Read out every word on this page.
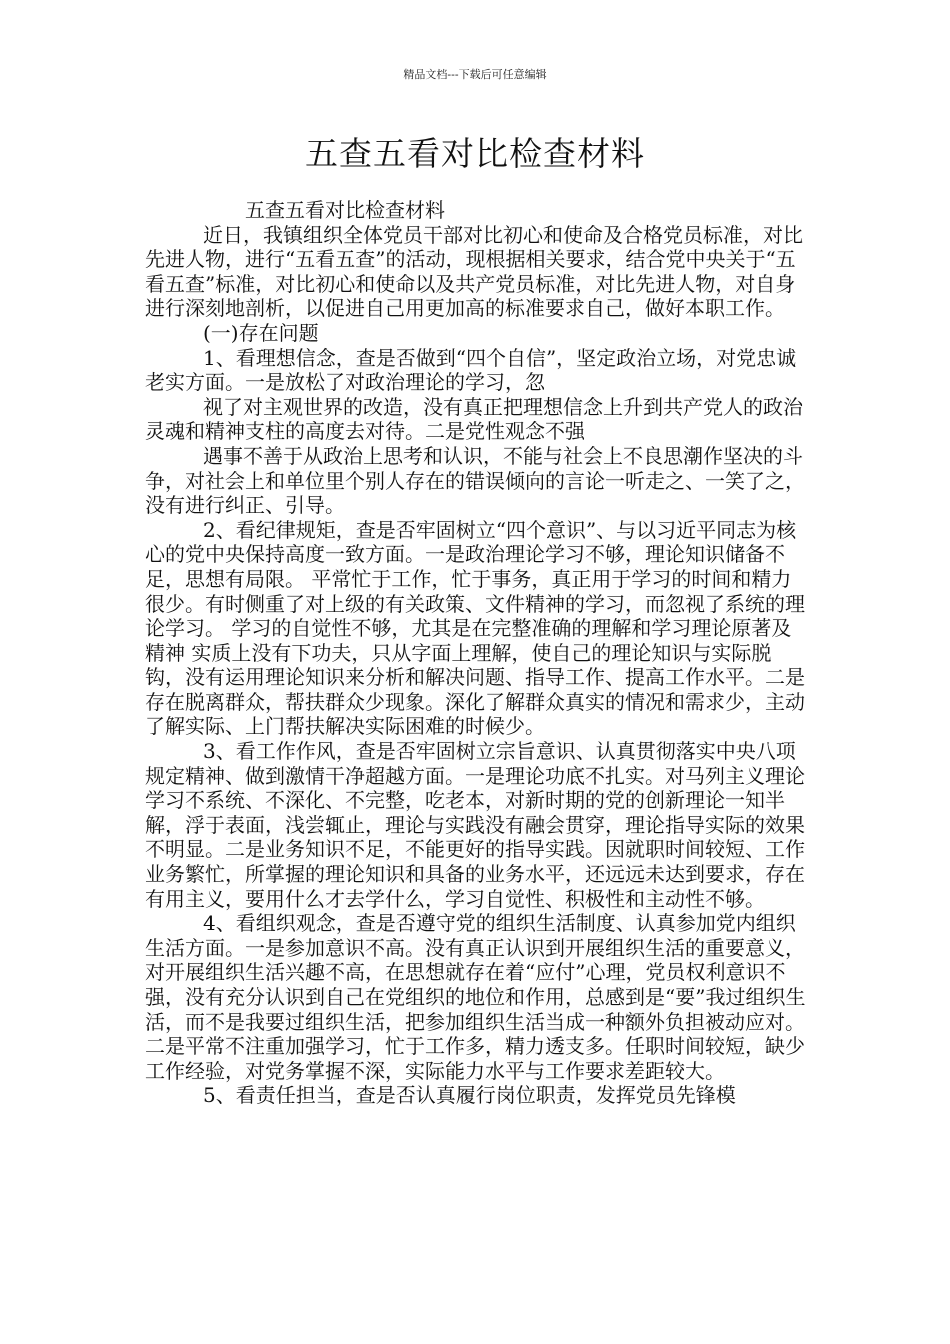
精品文档---下载后可任意编辑
五查五看对比检查材料

五查五看对比检查材料

近日，我镇组织全体党员干部对比初心和使命及合格党员标准，对比先进人物，进行“五看五查”的活动，现根据相关要求，结合党中央关于“五看五查”标准，对比初心和使命以及共产党员标准，对比先进人物，对自身进行深刻地剖析，以促进自己用更加高的标准要求自己，做好本职工作。

(一)存在问题

1、看理想信念，查是否做到“四个自信”，坚定政治立场，对党忠诚老实方面。一是放松了对政治理论的学习，忽

视了对主观世界的改造，没有真正把理想信念上升到共产党人的政治灵魂和精神支柱的高度去对待。二是党性观念不强

遇事不善于从政治上思考和认识，不能与社会上不良思潮作坚决的斗争，对社会上和单位里个别人存在的错误倾向的言论一听走之、一笑了之，没有进行纠正、引导。

2、看纪律规矩，查是否牢固树立“四个意识”、与以习近平同志为核心的党中央保持高度一致方面。一是政治理论学习不够，理论知识储备不足，思想有局限。 平常忙于工作，忙于事务，真正用于学习的时间和精力很少。有时侧重了对上级的有关政策、文件精神的学习，而忽视了系统的理论学习。 学习的自觉性不够，尤其是在完整准确的理解和学习理论原著及精神 实质上没有下功夫，只从字面上理解，使自己的理论知识与实际脱钩，没有运用理论知识来分析和解决问题、指导工作、提高工作水平。二是存在脱离群众，帮扶群众少现象。深化了解群众真实的情况和需求少，主动了解实际、上门帮扶解决实际困难的时候少。

3、看工作作风，查是否牢固树立宗旨意识、认真贯彻落实中央八项规定精神、做到激情干净超越方面。一是理论功底不扎实。对马列主义理论学习不系统、不深化、不完整，吃老本，对新时期的党的创新理论一知半解，浮于表面，浅尝辄止，理论与实践没有融会贯穿，理论指导实际的效果不明显。二是业务知识不足，不能更好的指导实践。因就职时间较短、工作业务繁忙，所掌握的理论知识和具备的业务水平，还远远未达到要求，存在有用主义，要用什么才去学什么，学习自觉性、积极性和主动性不够。

4、看组织观念，查是否遵守党的组织生活制度、认真参加党内组织生活方面。一是参加意识不高。没有真正认识到开展组织生活的重要意义，对开展组织生活兴趣不高，在思想就存在着“应付”心理，党员权利意识不强，没有充分认识到自己在党组织的地位和作用，总感到是“要”我过组织生活，而不是我要过组织生活，把参加组织生活当成一种额外负担被动应对。二是平常不注重加强学习，忙于工作多，精力透支多。任职时间较短，缺少工作经验，对党务掌握不深，实际能力水平与工作要求差距较大。

5、看责任担当，查是否认真履行岗位职责，发挥党员先锋模
